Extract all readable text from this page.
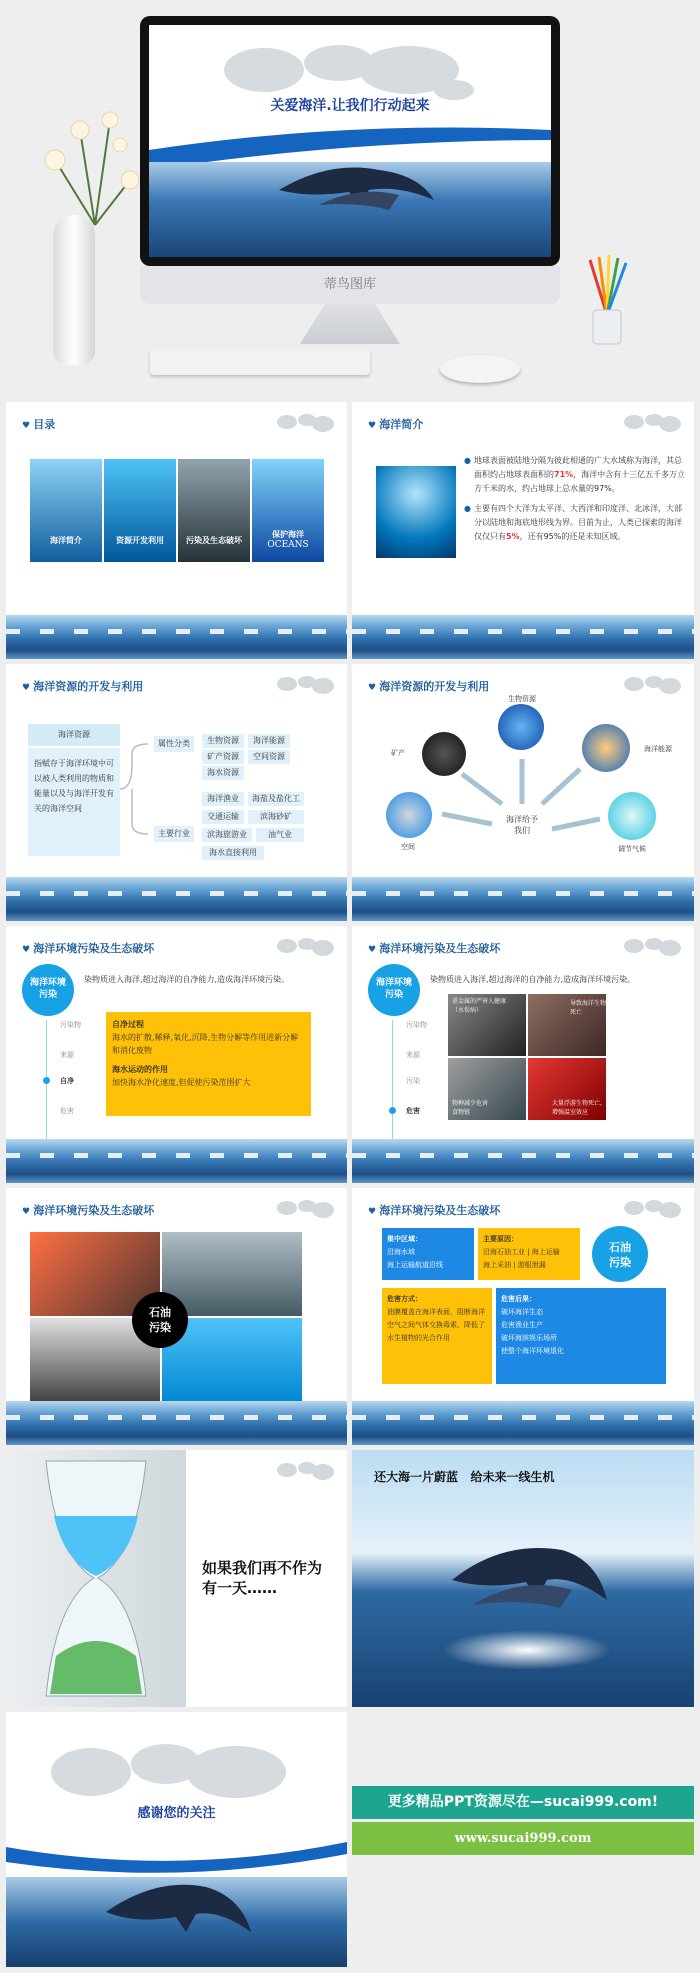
关爱海洋.让我们行动起来
蒂鸟图库
♥ 目录
海洋简介	资源开发利用	污染及生态破坏
保护海洋
OCEANS
♥ 海洋简介

● 地球表面被陆地分隔为彼此相通的广大水域称为海洋，其总面积约占地球表面积的71%，海洋中含有十三亿五千多万立方千米的水，约占地球上总水量的97%。

● 主要有四个大洋为太平洋、大西洋和印度洋、北冰洋，大部分以陆地和海底地形线为界。目前为止，人类已探索的海洋仅仅只有5%，还有95%的还是未知区域。

♥ 海洋资源的开发与利用
海洋资源
指赋存于海洋环境中可以被人类利用的物质和能量以及与海洋开发有关的海洋空间
属性分类
主要行业
生物资源	海洋能源
矿产资源	空间资源
海水资源
海洋渔业	海盐及盐化工
交通运输	滨海砂矿
滨海旅游业	油气业
海水直接利用
♥ 海洋资源的开发与利用
海洋给予
我们
生物资源
矿产	海洋能源
空间	调节气候
♥ 海洋环境污染及生态破坏
海洋环境
污染
染物质进入海洋,超过海洋的自净能力,造成海洋环境污染。
污染物
来源
自净
危害
自净过程
海水的扩散,稀释,氧化,沉降,生物分解等作用进新分解和消化废物
海水运动的作用
加快海水净化速度,但促使污染范围扩大
♥ 海洋环境污染及生态破坏
海洋环境
污染
染物质进入海洋,超过海洋的自净能力,造成海洋环境污染。
污染物
来源
污染
危害
重金属的严害人健康（水俣病）
导致海洋生物死亡
物种减少危害食物链
大量浮游生物死亡,增强温室效应
♥ 海洋环境污染及生态破坏
石油
污染
♥ 海洋环境污染及生态破坏
集中区域：
沿海水域
海上运输航道沿线
主要原因：
沿海石油工业 | 海上运输
海上采油 | 游船泄漏
石油
污染
危害方式：
油膜覆盖在海洋表面，阻断海洋空气之间气体交换毒素，降低了水生植物的光合作用
危害后果：
破坏海洋生态
危害渔业生产
破坏海滨娱乐场所
使整个海洋环境退化
如果我们再不作为
有一天……
还大海一片蔚蓝   给未来一线生机
感谢您的关注
更多精品PPT资源尽在—sucai999.com!
www.sucai999.com
